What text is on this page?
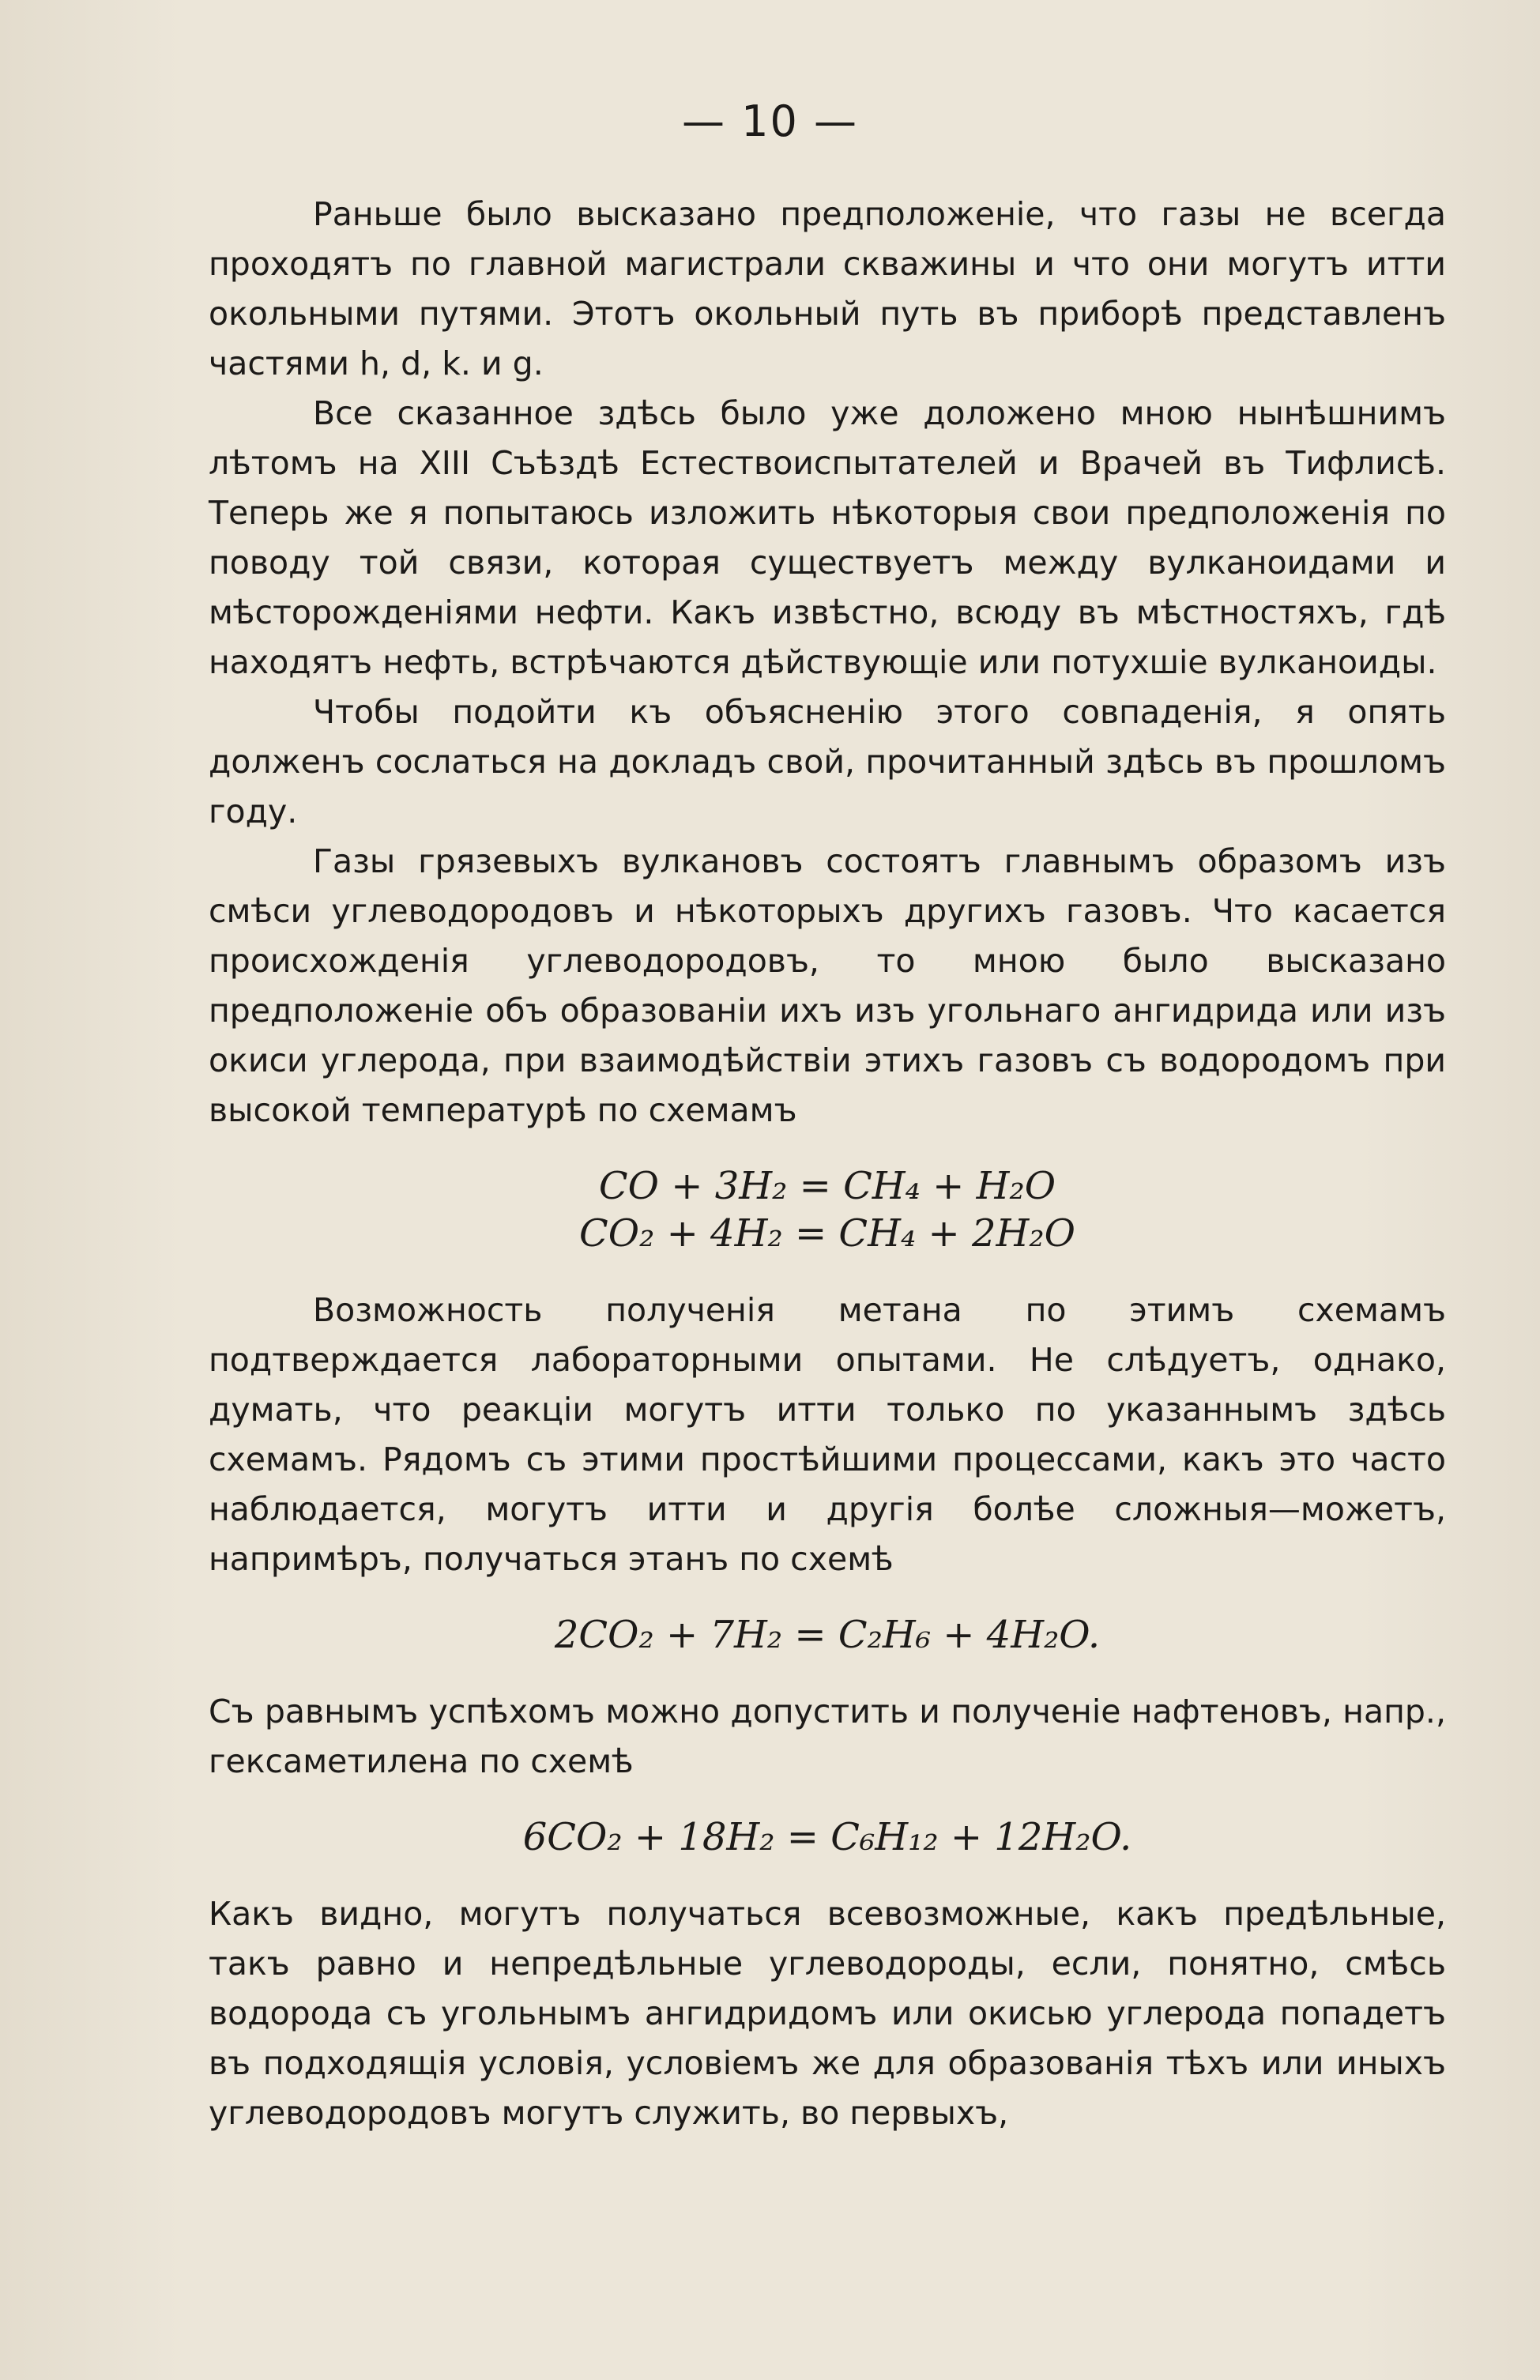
— 10 —

Раньше было высказано предположенiе, что газы не всегда проходятъ по главной магистрали скважины и что они могутъ итти окольными путями. Этотъ окольный путь въ приборѣ представленъ частями h, d, k. и g.

Все сказанное здѣсь было уже доложено мною нынѣшнимъ лѣтомъ на XIII Съѣздѣ Естествоиспытателей и Врачей въ Тифлисѣ. Теперь же я попытаюсь изложить нѣкоторыя свои предположенiя по поводу той связи, которая существуетъ между вулканоидами и мѣсторожденiями нефти. Какъ извѣстно, всюду въ мѣстностяхъ, гдѣ находятъ нефть, встрѣчаются дѣйствующiе или потухшiе вулканоиды.

Чтобы подойти къ объясненiю этого совпаденiя, я опять долженъ сослаться на докладъ свой, прочитанный здѣсь въ прошломъ году.

Газы грязевыхъ вулкановъ состоятъ главнымъ образомъ изъ смѣси углеводородовъ и нѣкоторыхъ другихъ газовъ. Что касается происхожденiя углеводородовъ, то мною было высказано предположенiе объ образованiи ихъ изъ угольнаго ангидрида или изъ окиси углерода, при взаимодѣйствiи этихъ газовъ съ водородомъ при высокой температурѣ по схемамъ

CO + 3H₂ = CH₄ + H₂O
CO₂ + 4H₂ = CH₄ + 2H₂O

Возможность полученiя метана по этимъ схемамъ подтверждается лабораторными опытами. Не слѣдуетъ, однако, думать, что реакцiи могутъ итти только по указаннымъ здѣсь схемамъ. Рядомъ съ этими простѣйшими процессами, какъ это часто наблюдается, могутъ итти и другiя болѣе сложныя—можетъ, напримѣръ, получаться этанъ по схемѣ

2CO₂ + 7H₂ = C₂H₆ + 4H₂O.

Съ равнымъ успѣхомъ можно допустить и полученiе нафтеновъ, напр., гексаметилена по схемѣ

6CO₂ + 18H₂ = C₆H₁₂ + 12H₂O.

Какъ видно, могутъ получаться всевозможные, какъ предѣльные, такъ равно и непредѣльные углеводороды, если, понятно, смѣсь водорода съ угольнымъ ангидридомъ или окисью углерода попадетъ въ подходящiя условiя, условiемъ же для образованiя тѣхъ или иныхъ углеводородовъ могутъ служить, во первыхъ,
